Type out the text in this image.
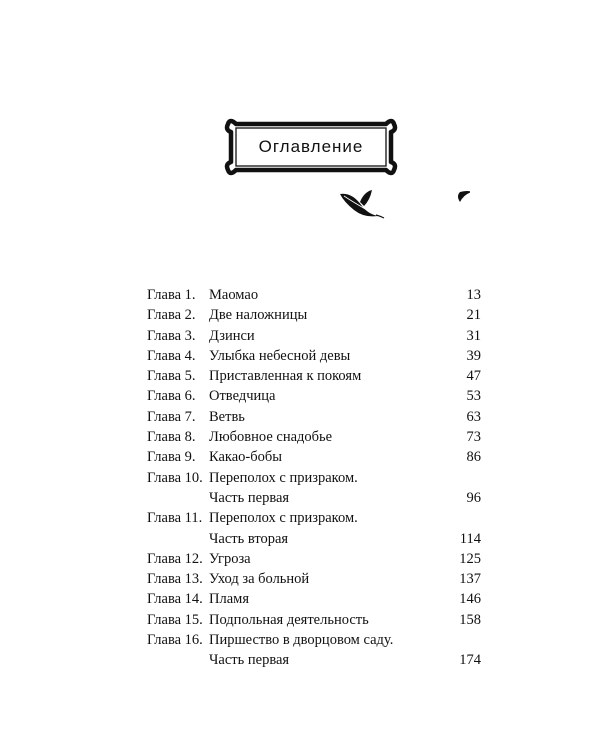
Оглавление
Глава 1. Маомао	13
Глава 2. Две наложницы	21
Глава 3. Дзинси	31
Глава 4. Улыбка небесной девы	39
Глава 5. Приставленная к покоям	47
Глава 6. Отведчица	53
Глава 7. Ветвь	63
Глава 8. Любовное снадобье	73
Глава 9. Какао-бобы	86
Глава 10. Переполох с призраком.
Часть первая	96
Глава 11. Переполох с призраком.
Часть вторая	114
Глава 12. Угроза	125
Глава 13. Уход за больной	137
Глава 14. Пламя	146
Глава 15. Подпольная деятельность	158
Глава 16. Пиршество в дворцовом саду.
Часть первая	174
